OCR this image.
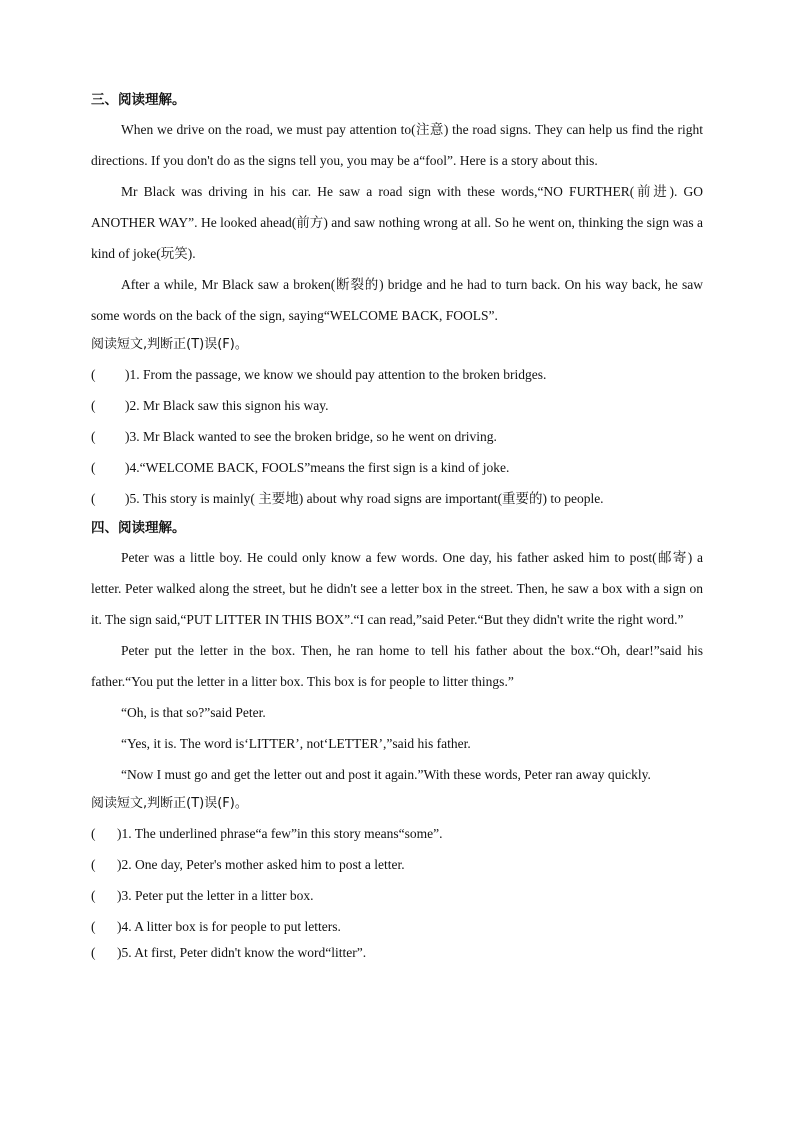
三、阅读理解。

When we drive on the road, we must pay attention to(注意) the road signs. They can help us find the right directions. If you don't do as the signs tell you, you may be a“fool”. Here is a story about this.

Mr Black was driving in his car. He saw a road sign with these words,“NO FURTHER(前进). GO ANOTHER WAY”. He looked ahead(前方) and saw nothing wrong at all. So he went on, thinking the sign was a kind of joke(玩笑).

After a while, Mr Black saw a broken(断裂的) bridge and he had to turn back. On his way back, he saw some words on the back of the sign, saying“WELCOME BACK, FOOLS”.

阅读短文,判断正(T)误(F)。

( )1. From the passage, we know we should pay attention to the broken bridges.

( )2. Mr Black saw this signon his way.

( )3. Mr Black wanted to see the broken bridge, so he went on driving.

( )4.“WELCOME BACK, FOOLS”means the first sign is a kind of joke.

( )5. This story is mainly( 主要地) about why road signs are important(重要的) to people.

四、阅读理解。

Peter was a little boy. He could only know a few words. One day, his father asked him to post(邮寄) a letter. Peter walked along the street, but he didn't see a letter box in the street. Then, he saw a box with a sign on it. The sign said,“PUT LITTER IN THIS BOX”.“I can read,”said Peter.“But they didn't write the right word.”

Peter put the letter in the box. Then, he ran home to tell his father about the box.“Oh, dear!”said his father.“You put the letter in a litter box. This box is for people to litter things.”

“Oh, is that so?”said Peter.

“Yes, it is. The word is‘LITTER’, not‘LETTER’,”said his father.

“Now I must go and get the letter out and post it again.”With these words, Peter ran away quickly.

阅读短文,判断正(T)误(F)。

( )1. The underlined phrase“a few”in this story means“some”.

( )2. One day, Peter's mother asked him to post a letter.

( )3. Peter put the letter in a litter box.

( )4. A litter box is for people to put letters.

( )5. At first, Peter didn't know the word“litter”.
